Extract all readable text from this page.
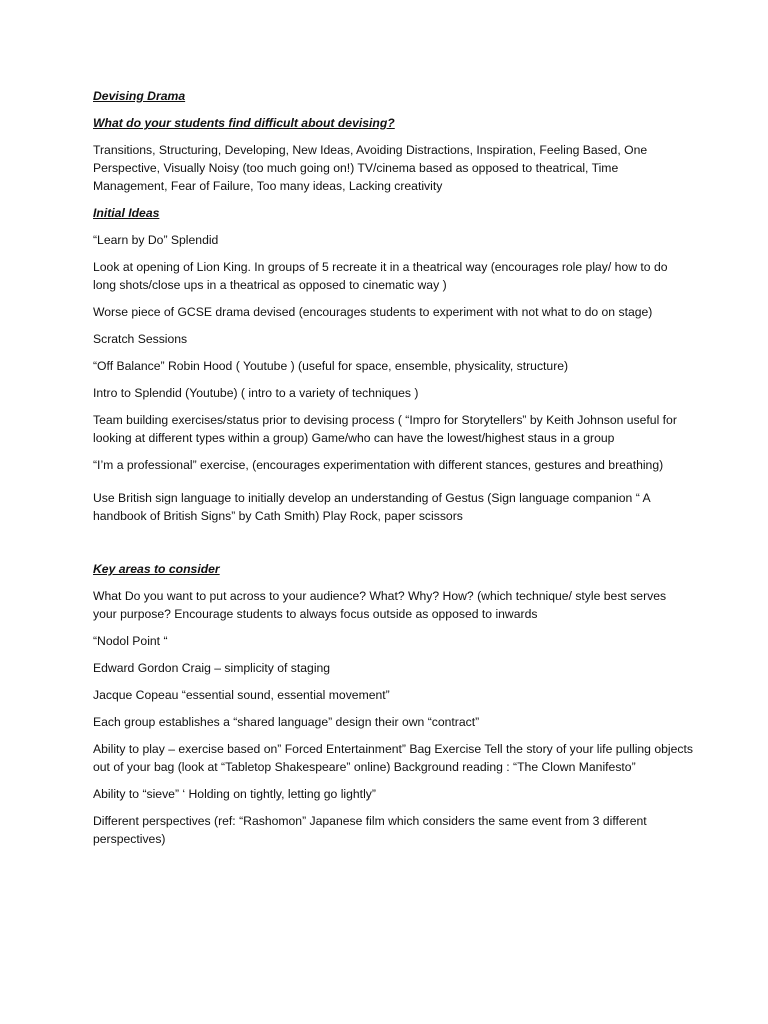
Devising Drama

What do your students find difficult about devising?

Transitions, Structuring, Developing, New Ideas, Avoiding Distractions, Inspiration, Feeling Based, One Perspective, Visually Noisy (too much going on!) TV/cinema based as opposed to theatrical, Time Management, Fear of Failure, Too many ideas, Lacking creativity

Initial Ideas

“Learn by Do” Splendid

Look at opening of Lion King. In groups of 5 recreate it in a theatrical way (encourages role play/ how to do long shots/close ups in a theatrical as opposed to cinematic way )

Worse piece of GCSE drama devised (encourages students to experiment with not what to do on stage)

Scratch Sessions

“Off Balance” Robin Hood ( Youtube ) (useful for space, ensemble, physicality, structure)

Intro to Splendid (Youtube) ( intro to a variety of techniques )

Team building exercises/status prior to devising process ( “Impro for Storytellers” by Keith Johnson useful for looking at different types within a group) Game/who can have the lowest/highest staus in a group

“I’m a professional” exercise, (encourages experimentation with different stances, gestures and breathing)

Use British sign language to initially develop an understanding of Gestus (Sign language companion “ A handbook of British Signs” by Cath Smith) Play Rock, paper scissors

Key areas to consider

What Do you want to put across to your audience? What? Why? How? (which technique/ style best serves your purpose? Encourage students to always focus outside as opposed to inwards

“Nodol Point “

Edward Gordon Craig – simplicity of staging

Jacque Copeau “essential sound, essential movement”

Each group establishes a “shared language” design their own “contract”

Ability to play – exercise based on” Forced Entertainment” Bag Exercise Tell the story of your life pulling objects out of your bag (look at “Tabletop Shakespeare” online) Background reading : “The Clown Manifesto”

Ability to “sieve” ‘ Holding on tightly, letting go lightly”

Different perspectives (ref: “Rashomon” Japanese film which considers the same event from 3 different perspectives)
